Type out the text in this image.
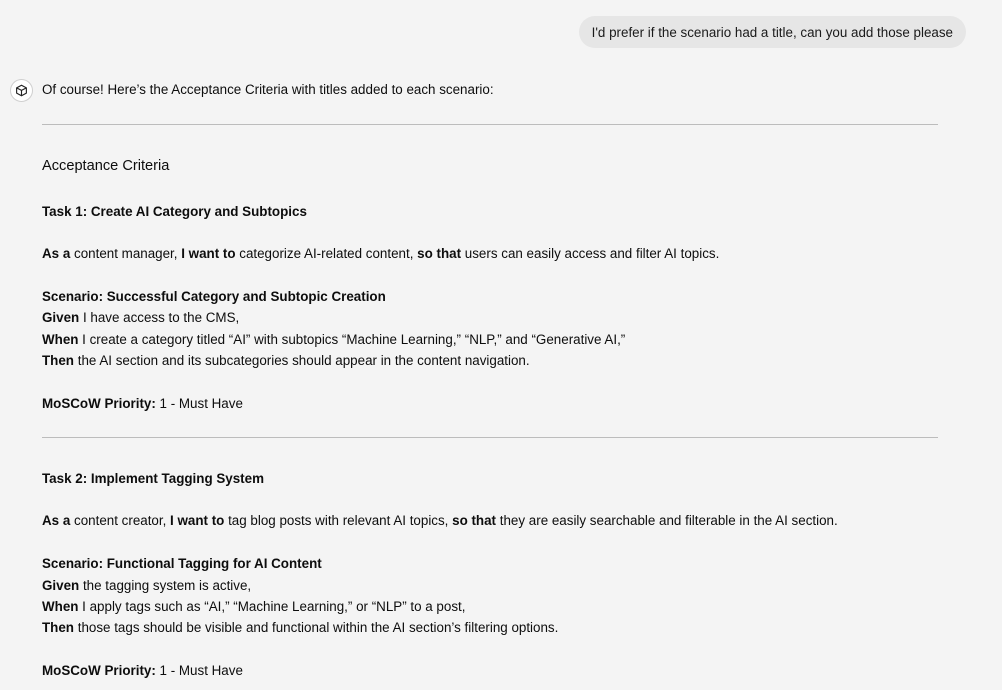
I'd prefer if the scenario had a title, can you add those please
Of course! Here’s the Acceptance Criteria with titles added to each scenario:
Acceptance Criteria
Task 1: Create AI Category and Subtopics
As a content manager, I want to categorize AI-related content, so that users can easily access and filter AI topics.
Scenario: Successful Category and Subtopic Creation
Given I have access to the CMS,
When I create a category titled “AI” with subtopics “Machine Learning,” “NLP,” and “Generative AI,”
Then the AI section and its subcategories should appear in the content navigation.
MoSCoW Priority: 1 - Must Have
Task 2: Implement Tagging System
As a content creator, I want to tag blog posts with relevant AI topics, so that they are easily searchable and filterable in the AI section.
Scenario: Functional Tagging for AI Content
Given the tagging system is active,
When I apply tags such as “AI,” “Machine Learning,” or “NLP” to a post,
Then those tags should be visible and functional within the AI section’s filtering options.
MoSCoW Priority: 1 - Must Have
